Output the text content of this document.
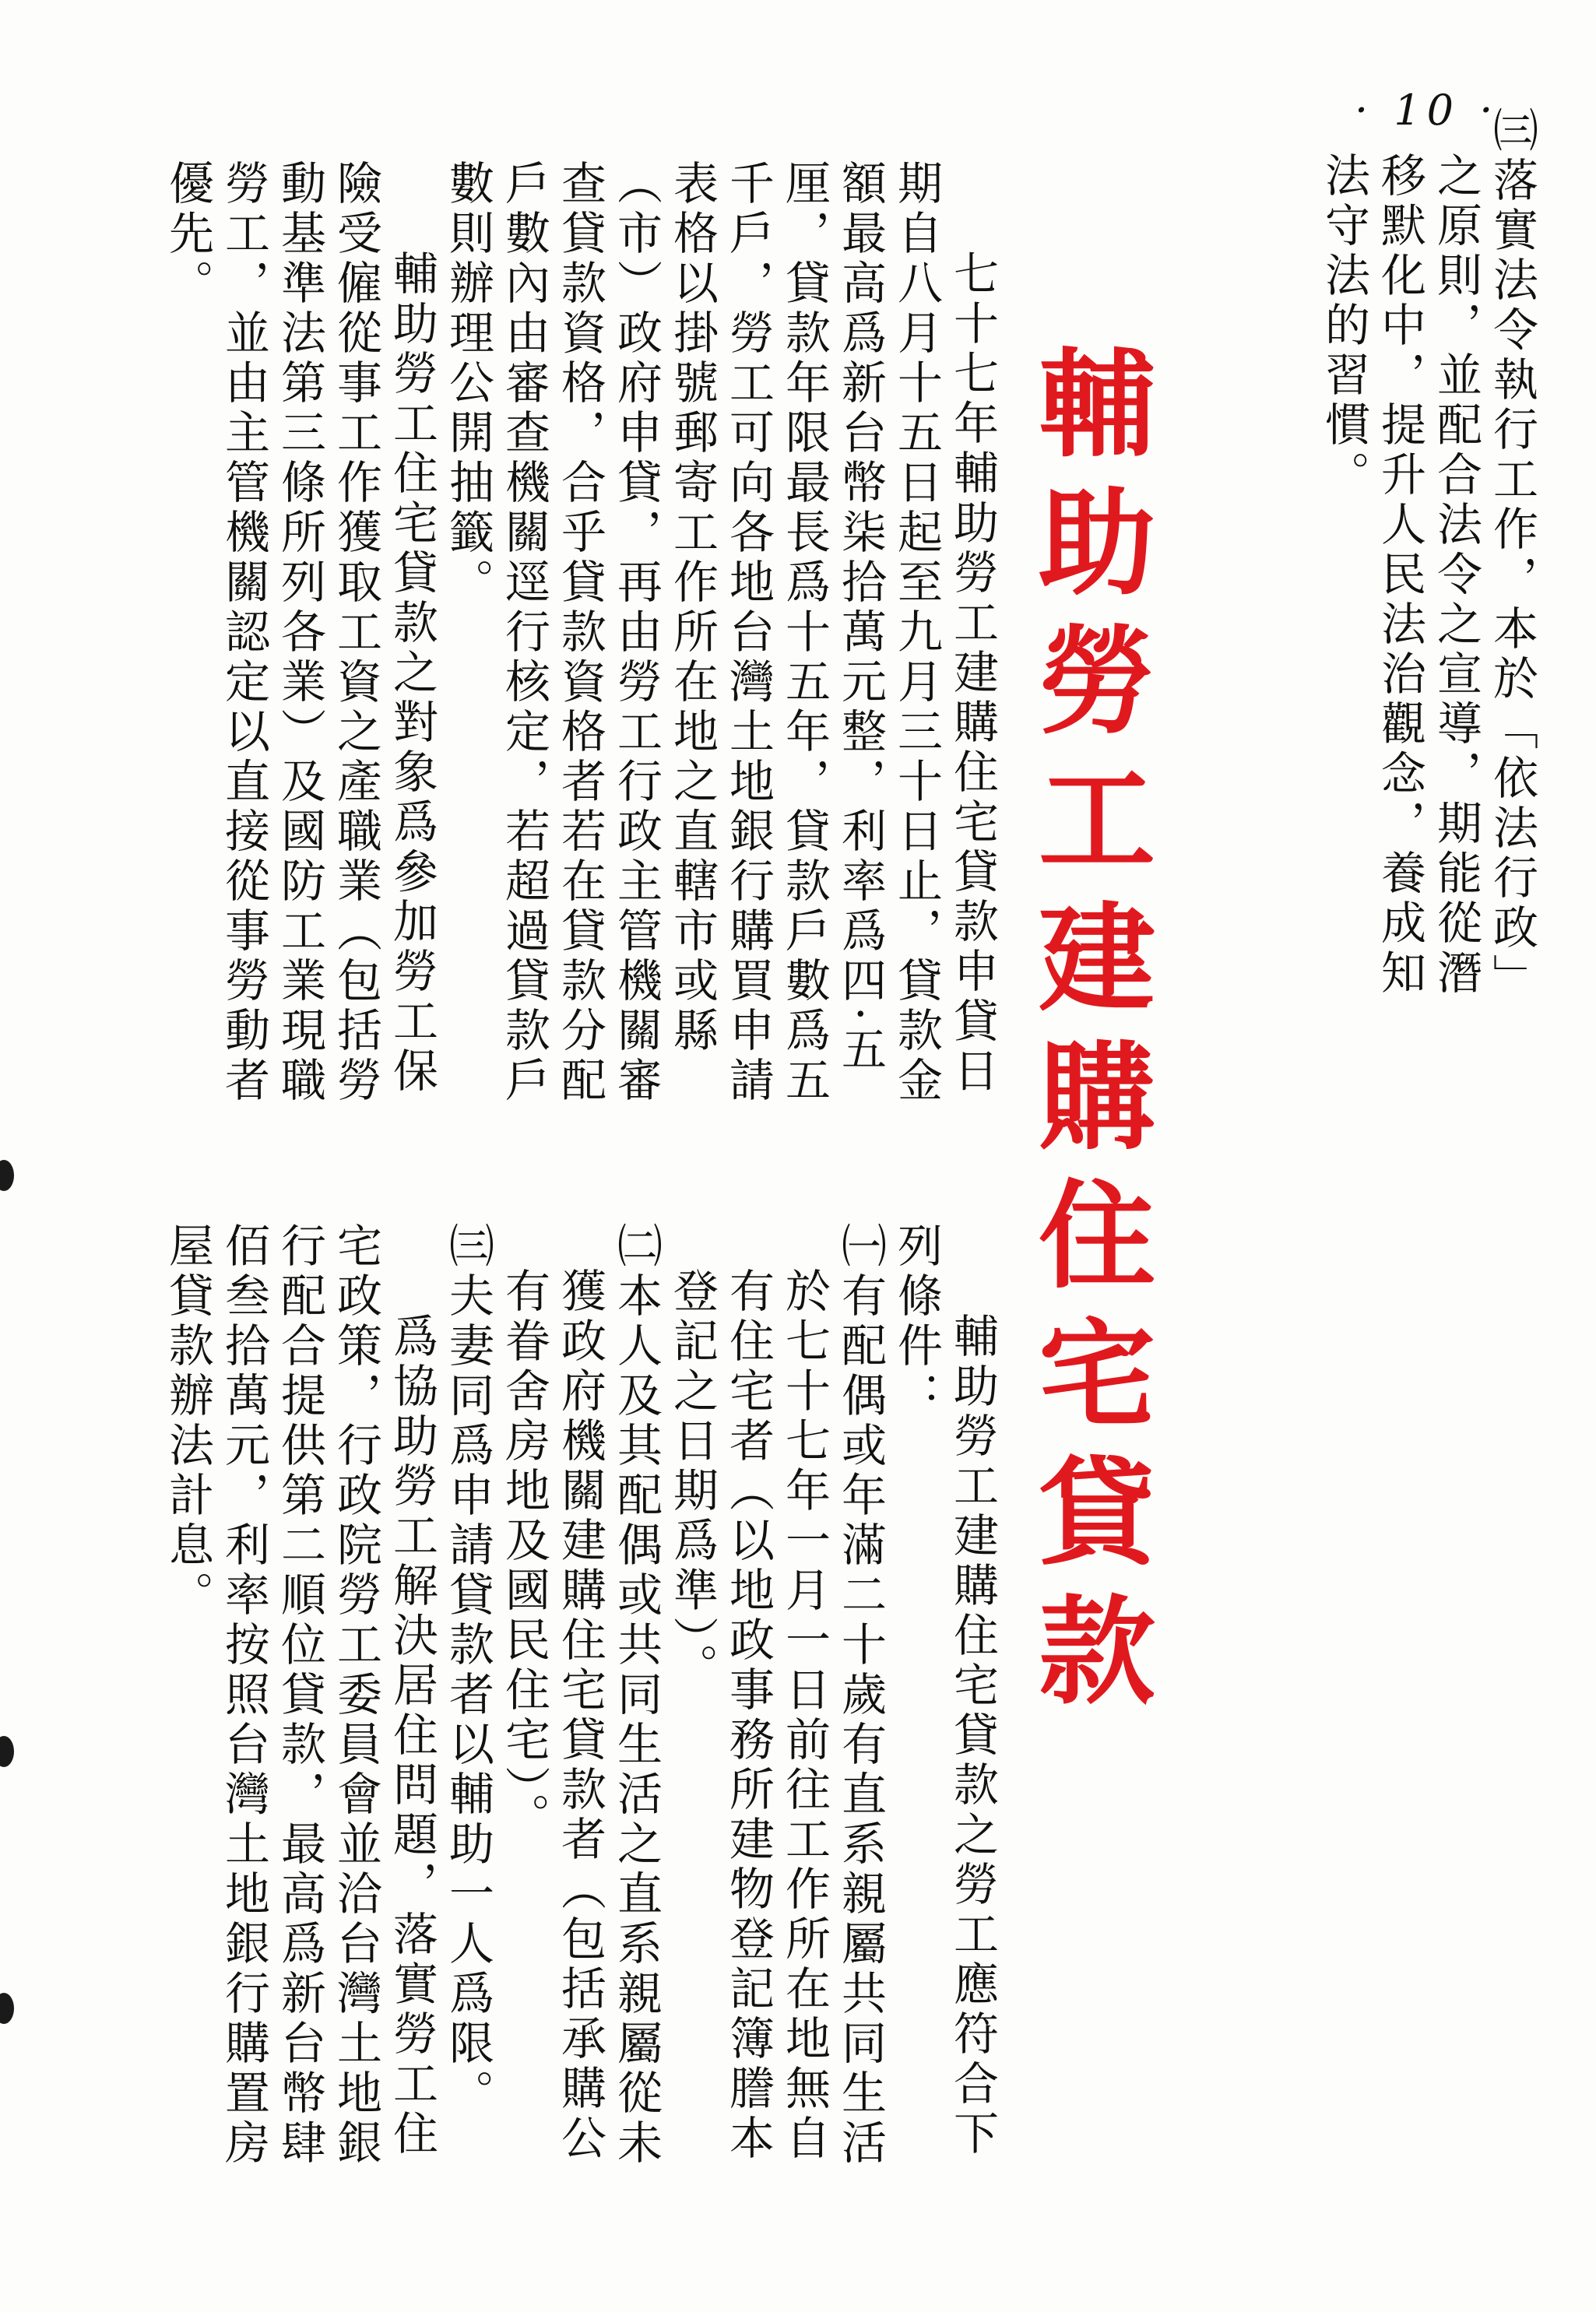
· 10 ·

㈢落實法令執行工作，本於「依法行政」之原則，並配合法令之宣導，期能從潛移默化中，提升人民法治觀念，養成知法守法的習慣。

輔助勞工建購住宅貸款

七十七年輔助勞工建購住宅貸款申貸日期自八月十五日起至九月三十日止，貸款金額最高爲新台幣柒拾萬元整，利率爲四·五厘，貸款年限最長爲十五年，貸款戶數爲五千戶，勞工可向各地台灣土地銀行購買申請表格以掛號郵寄工作所在地之直轄市或縣（市）政府申貸，再由勞工行政主管機關審查貸款資格，合乎貸款資格者若在貸款分配戶數內由審查機關逕行核定，若超過貸款戶數則辦理公開抽籤。

輔助勞工住宅貸款之對象爲參加勞工保險受僱從事工作獲取工資之產職業（包括勞動基準法第三條所列各業）及國防工業現職勞工，並由主管機關認定以直接從事勞動者優先。

輔助勞工建購住宅貸款之勞工應符合下列條件：

㈠有配偶或年滿二十歲有直系親屬共同生活於七十七年一月一日前往工作所在地無自有住宅者（以地政事務所建物登記簿謄本登記之日期爲準）。

㈡本人及其配偶或共同生活之直系親屬從未獲政府機關建購住宅貸款者（包括承購公有眷舍房地及國民住宅）。

㈢夫妻同爲申請貸款者以輔助一人爲限。

爲協助勞工解決居住問題，落實勞工住宅政策，行政院勞工委員會並洽台灣土地銀行配合提供第二順位貸款，最高爲新台幣肆佰叁拾萬元，利率按照台灣土地銀行購置房屋貸款辦法計息。
